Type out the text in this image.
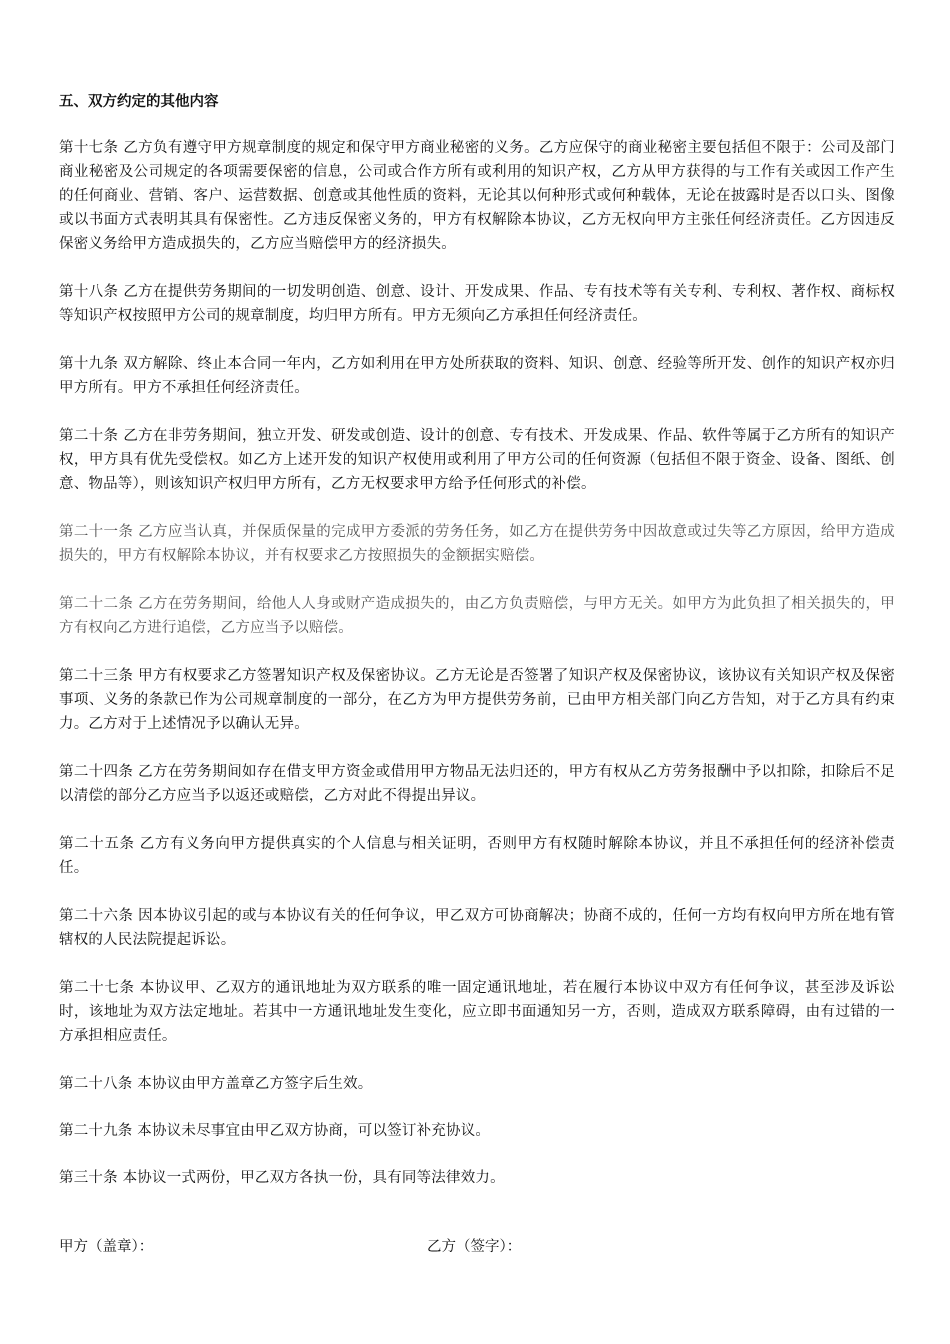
五、双方约定的其他内容

第十七条 乙方负有遵守甲方规章制度的规定和保守甲方商业秘密的义务。乙方应保守的商业秘密主要包括但不限于：公司及部门商业秘密及公司规定的各项需要保密的信息，公司或合作方所有或利用的知识产权，乙方从甲方获得的与工作有关或因工作产生的任何商业、营销、客户、运营数据、创意或其他性质的资料，无论其以何种形式或何种载体，无论在披露时是否以口头、图像或以书面方式表明其具有保密性。乙方违反保密义务的，甲方有权解除本协议，乙方无权向甲方主张任何经济责任。乙方因违反保密义务给甲方造成损失的，乙方应当赔偿甲方的经济损失。

第十八条 乙方在提供劳务期间的一切发明创造、创意、设计、开发成果、作品、专有技术等有关专利、专利权、著作权、商标权等知识产权按照甲方公司的规章制度，均归甲方所有。甲方无须向乙方承担任何经济责任。

第十九条 双方解除、终止本合同一年内，乙方如利用在甲方处所获取的资料、知识、创意、经验等所开发、创作的知识产权亦归甲方所有。甲方不承担任何经济责任。

第二十条 乙方在非劳务期间，独立开发、研发或创造、设计的创意、专有技术、开发成果、作品、软件等属于乙方所有的知识产权，甲方具有优先受偿权。如乙方上述开发的知识产权使用或利用了甲方公司的任何资源（包括但不限于资金、设备、图纸、创意、物品等），则该知识产权归甲方所有，乙方无权要求甲方给予任何形式的补偿。

第二十一条 乙方应当认真，并保质保量的完成甲方委派的劳务任务，如乙方在提供劳务中因故意或过失等乙方原因，给甲方造成损失的，甲方有权解除本协议，并有权要求乙方按照损失的金额据实赔偿。

第二十二条 乙方在劳务期间，给他人人身或财产造成损失的，由乙方负责赔偿，与甲方无关。如甲方为此负担了相关损失的，甲方有权向乙方进行追偿，乙方应当予以赔偿。

第二十三条 甲方有权要求乙方签署知识产权及保密协议。乙方无论是否签署了知识产权及保密协议，该协议有关知识产权及保密事项、义务的条款已作为公司规章制度的一部分，在乙方为甲方提供劳务前，已由甲方相关部门向乙方告知，对于乙方具有约束力。乙方对于上述情况予以确认无异。

第二十四条 乙方在劳务期间如存在借支甲方资金或借用甲方物品无法归还的，甲方有权从乙方劳务报酬中予以扣除，扣除后不足以清偿的部分乙方应当予以返还或赔偿，乙方对此不得提出异议。

第二十五条 乙方有义务向甲方提供真实的个人信息与相关证明，否则甲方有权随时解除本协议，并且不承担任何的经济补偿责任。

第二十六条 因本协议引起的或与本协议有关的任何争议，甲乙双方可协商解决；协商不成的，任何一方均有权向甲方所在地有管辖权的人民法院提起诉讼。

第二十七条 本协议甲、乙双方的通讯地址为双方联系的唯一固定通讯地址，若在履行本协议中双方有任何争议，甚至涉及诉讼时，该地址为双方法定地址。若其中一方通讯地址发生变化，应立即书面通知另一方，否则，造成双方联系障碍，由有过错的一方承担相应责任。

第二十八条 本协议由甲方盖章乙方签字后生效。

第二十九条 本协议未尽事宜由甲乙双方协商，可以签订补充协议。

第三十条 本协议一式两份，甲乙双方各执一份，具有同等法律效力。

甲方（盖章）：	乙方（签字）：
